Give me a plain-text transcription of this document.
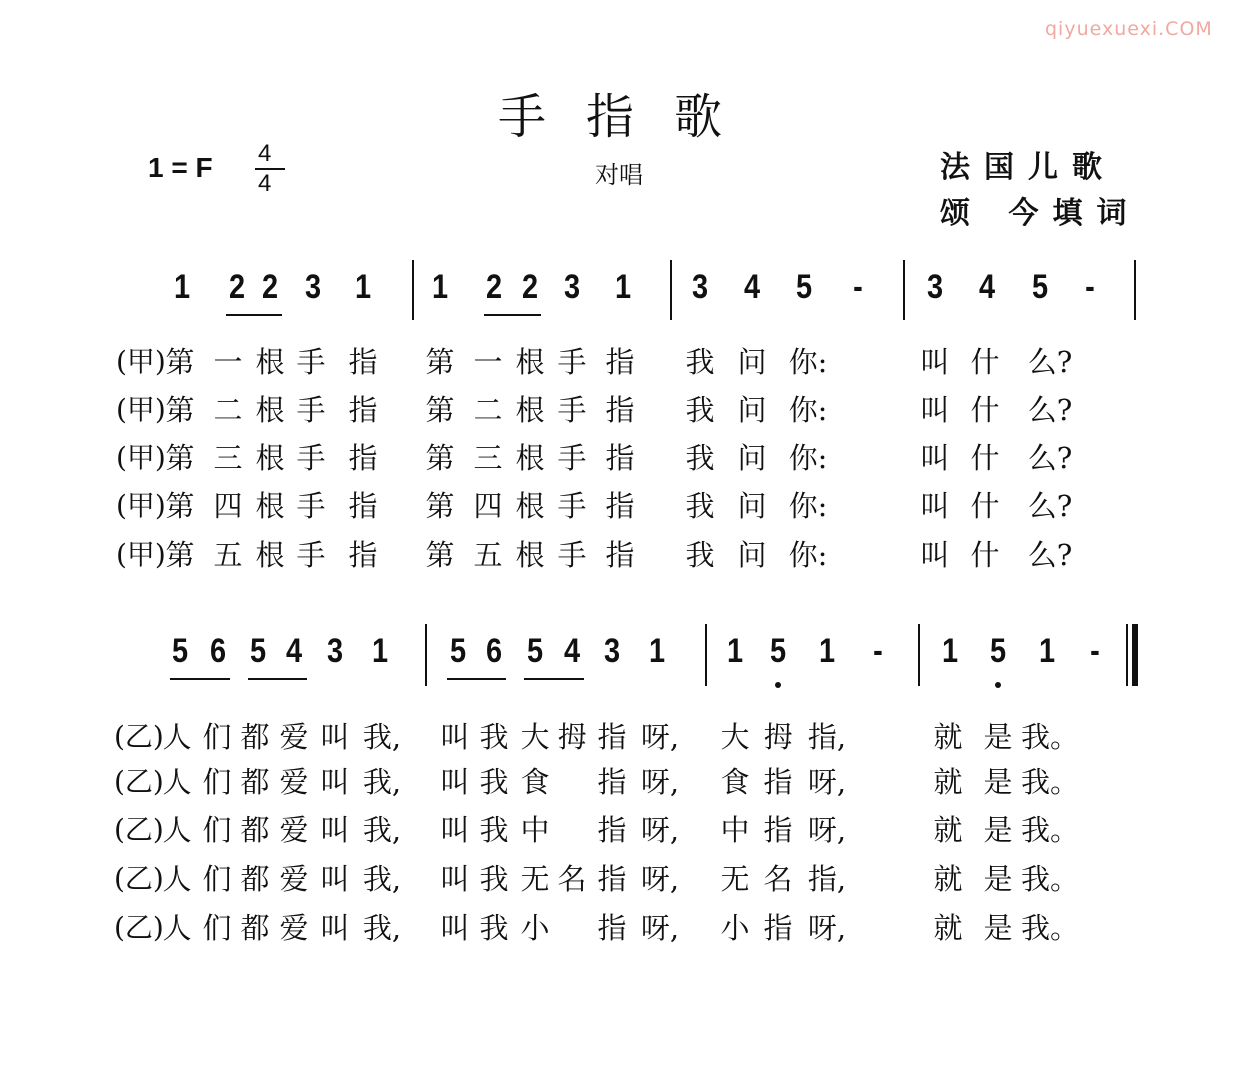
qiyuexuexi.COM
手指歌
1 = F 4
4	对唱	法国儿歌
颂 今填词
1 2 2 3 1 1 2 2 3 1 3 4 5 - 3 4 5 -
(甲) 第 一 根 手 指 第 一 根 手 指 我 问 你:	叫 什 么?
(甲) 第 二 根 手 指 第 二 根 手 指 我 问 你:	叫 什 么?
(甲) 第 三 根 手 指 第 三 根 手 指 我 问 你:	叫 什 么?
(甲) 第 四 根 手 指 第 四 根 手 指 我 问 你:	叫 什 么?
(甲) 第 五 根 手 指 第 五 根 手 指 我 问 你:	叫 什 么?
5 6 5 4 3 1 5 6 5 4 3 1 1 5 1 - 1 5 1 -
(乙)
人 们 都 爱 叫 我, 叫 我 大 拇 指 呀, 大 拇 指,	就 是 我。
(乙)
人 们 都 爱 叫 我, 叫 我 食 指 呀, 食 指 呀,	就 是 我。
(乙)
人 们 都 爱 叫 我, 叫 我 中 指 呀, 中 指 呀,	就 是 我。
(乙)
人 们 都 爱 叫 我, 叫 我 无 名 指 呀, 无 名 指,	就 是 我。
(乙)
人 们 都 爱 叫 我, 叫 我 小 指 呀, 小 指 呀,	就 是 我。
